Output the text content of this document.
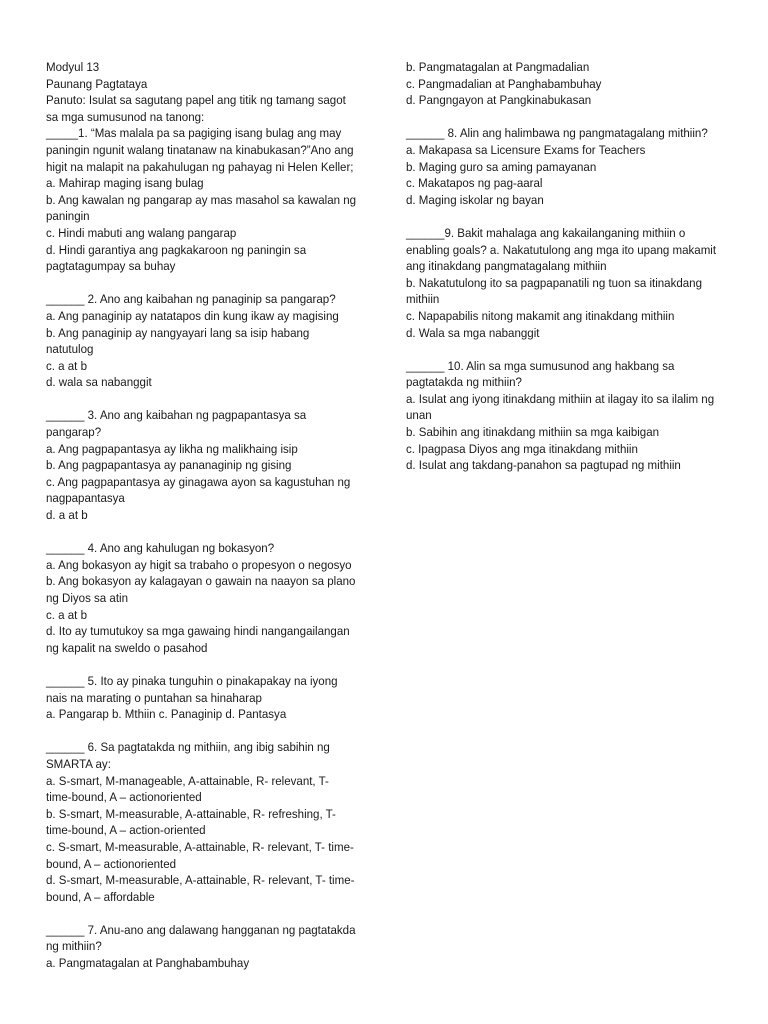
Modyul 13
Paunang Pagtataya
Panuto: Isulat sa sagutang papel ang titik ng tamang sagot
sa mga sumusunod na tanong:
_____1. “Mas malala pa sa pagiging isang bulag ang may
paningin ngunit walang tinatanaw na kinabukasan?”Ano ang
higit na malapit na pakahulugan ng pahayag ni Helen Keller;
a. Mahirap maging isang bulag
b. Ang kawalan ng pangarap ay mas masahol sa kawalan ng
paningin
c. Hindi mabuti ang walang pangarap
d. Hindi garantiya ang pagkakaroon ng paningin sa
pagtatagumpay sa buhay
______ 2. Ano ang kaibahan ng panaginip sa pangarap?
a. Ang panaginip ay natatapos din kung ikaw ay magising
b. Ang panaginip ay nangyayari lang sa isip habang
natutulog
c. a at b
d. wala sa nabanggit
______ 3. Ano ang kaibahan ng pagpapantasya sa
pangarap?
a. Ang pagpapantasya ay likha ng malikhaing isip
b. Ang pagpapantasya ay pananaginip ng gising
c. Ang pagpapantasya ay ginagawa ayon sa kagustuhan ng
nagpapantasya
d. a at b
______ 4. Ano ang kahulugan ng bokasyon?
a. Ang bokasyon ay higit sa trabaho o propesyon o negosyo
b. Ang bokasyon ay kalagayan o gawain na naayon sa plano
ng Diyos sa atin
c. a at b
d. Ito ay tumutukoy sa mga gawaing hindi nangangailangan
ng kapalit na sweldo o pasahod
______ 5. Ito ay pinaka tunguhin o pinakapakay na iyong
nais na marating o puntahan sa hinaharap
a. Pangarap b. Mthiin c. Panaginip d. Pantasya
______ 6. Sa pagtatakda ng mithiin, ang ibig sabihin ng
SMARTA ay:
a. S-smart, M-manageable, A-attainable, R- relevant, T-
time-bound, A – actionoriented
b. S-smart, M-measurable, A-attainable, R- refreshing, T-
time-bound, A – action-oriented
c. S-smart, M-measurable, A-attainable, R- relevant, T- time-
bound, A – actionoriented
d. S-smart, M-measurable, A-attainable, R- relevant, T- time-
bound, A – affordable
______ 7. Anu-ano ang dalawang hangganan ng pagtatakda
ng mithiin?
a. Pangmatagalan at Panghabambuhay
b. Pangmatagalan at Pangmadalian
c. Pangmadalian at Panghabambuhay
d. Pangngayon at Pangkinabukasan
______ 8. Alin ang halimbawa ng pangmatagalang mithiin?
a. Makapasa sa Licensure Exams for Teachers
b. Maging guro sa aming pamayanan
c. Makatapos ng pag-aaral
d. Maging iskolar ng bayan
______9. Bakit mahalaga ang kakailanganing mithiin o
enabling goals? a. Nakatutulong ang mga ito upang makamit
ang itinakdang pangmatagalang mithiin
b. Nakatutulong ito sa pagpapanatili ng tuon sa itinakdang
mithiin
c. Napapabilis nitong makamit ang itinakdang mithiin
d. Wala sa mga nabanggit
______ 10. Alin sa mga sumusunod ang hakbang sa
pagtatakda ng mithiin?
a. Isulat ang iyong itinakdang mithiin at ilagay ito sa ilalim ng
unan
b. Sabihin ang itinakdang mithiin sa mga kaibigan
c. Ipagpasa Diyos ang mga itinakdang mithiin
d. Isulat ang takdang-panahon sa pagtupad ng mithiin
